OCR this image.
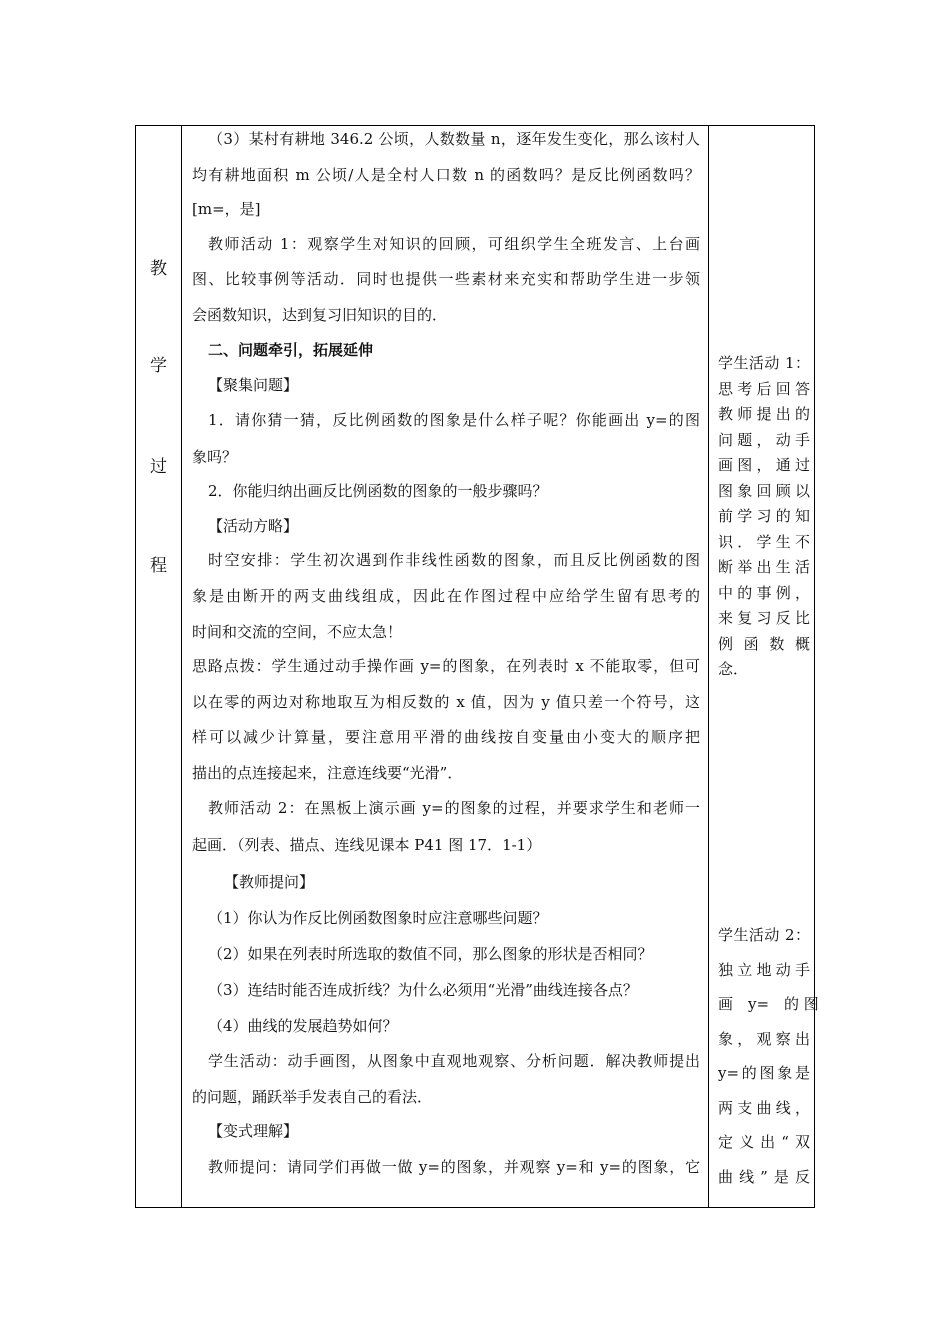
教
学
过
程
（3）某村有耕地 346.2 公顷，人数数量 n，逐年发生变化，那么该村人
均有耕地面积 m 公顷/人是全村人口数 n 的函数吗？是反比例函数吗？
[m=，是]
教师活动 1：观察学生对知识的回顾，可组织学生全班发言、上台画
图、比较事例等活动．同时也提供一些素材来充实和帮助学生进一步领
会函数知识，达到复习旧知识的目的．
二、问题牵引，拓展延伸
【聚集问题】
1．请你猜一猜，反比例函数的图象是什么样子呢？你能画出 y=的图
象吗？
2．你能归纳出画反比例函数的图象的一般步骤吗？
【活动方略】
时空安排：学生初次遇到作非线性函数的图象，而且反比例函数的图
象是由断开的两支曲线组成，因此在作图过程中应给学生留有思考的
时间和交流的空间，不应太急！
思路点拨：学生通过动手操作画 y=的图象，在列表时 x 不能取零，但可
以在零的两边对称地取互为相反数的 x 值，因为 y 值只差一个符号，这
样可以减少计算量，要注意用平滑的曲线按自变量由小变大的顺序把
描出的点连接起来，注意连线要“光滑”．
教师活动 2：在黑板上演示画 y=的图象的过程，并要求学生和老师一
起画．（列表、描点、连线见课本 P41 图 17．1-1）
【教师提问】
（1）你认为作反比例函数图象时应注意哪些问题？
（2）如果在列表时所选取的数值不同，那么图象的形状是否相同？
（3）连结时能否连成折线？为什么必须用“光滑”曲线连接各点？
（4）曲线的发展趋势如何？
学生活动：动手画图，从图象中直观地观察、分析问题．解决教师提出
的问题，踊跃举手发表自己的看法．
【变式理解】
教师提问：请同学们再做一做 y=的图象，并观察 y=和 y=的图象，它
学生活动 1：
思考后回答
教师提出的
问题，动手
画图，通过
图象回顾以
前学习的知
识．学生不
断举出生活
中的事例，
来复习反比
例 函 数 概
念．
学生活动 2：
独立地动手
画　y=　的 图
象，观察出
y=的图象是
两支曲线，
定义出“双
曲线”是反
